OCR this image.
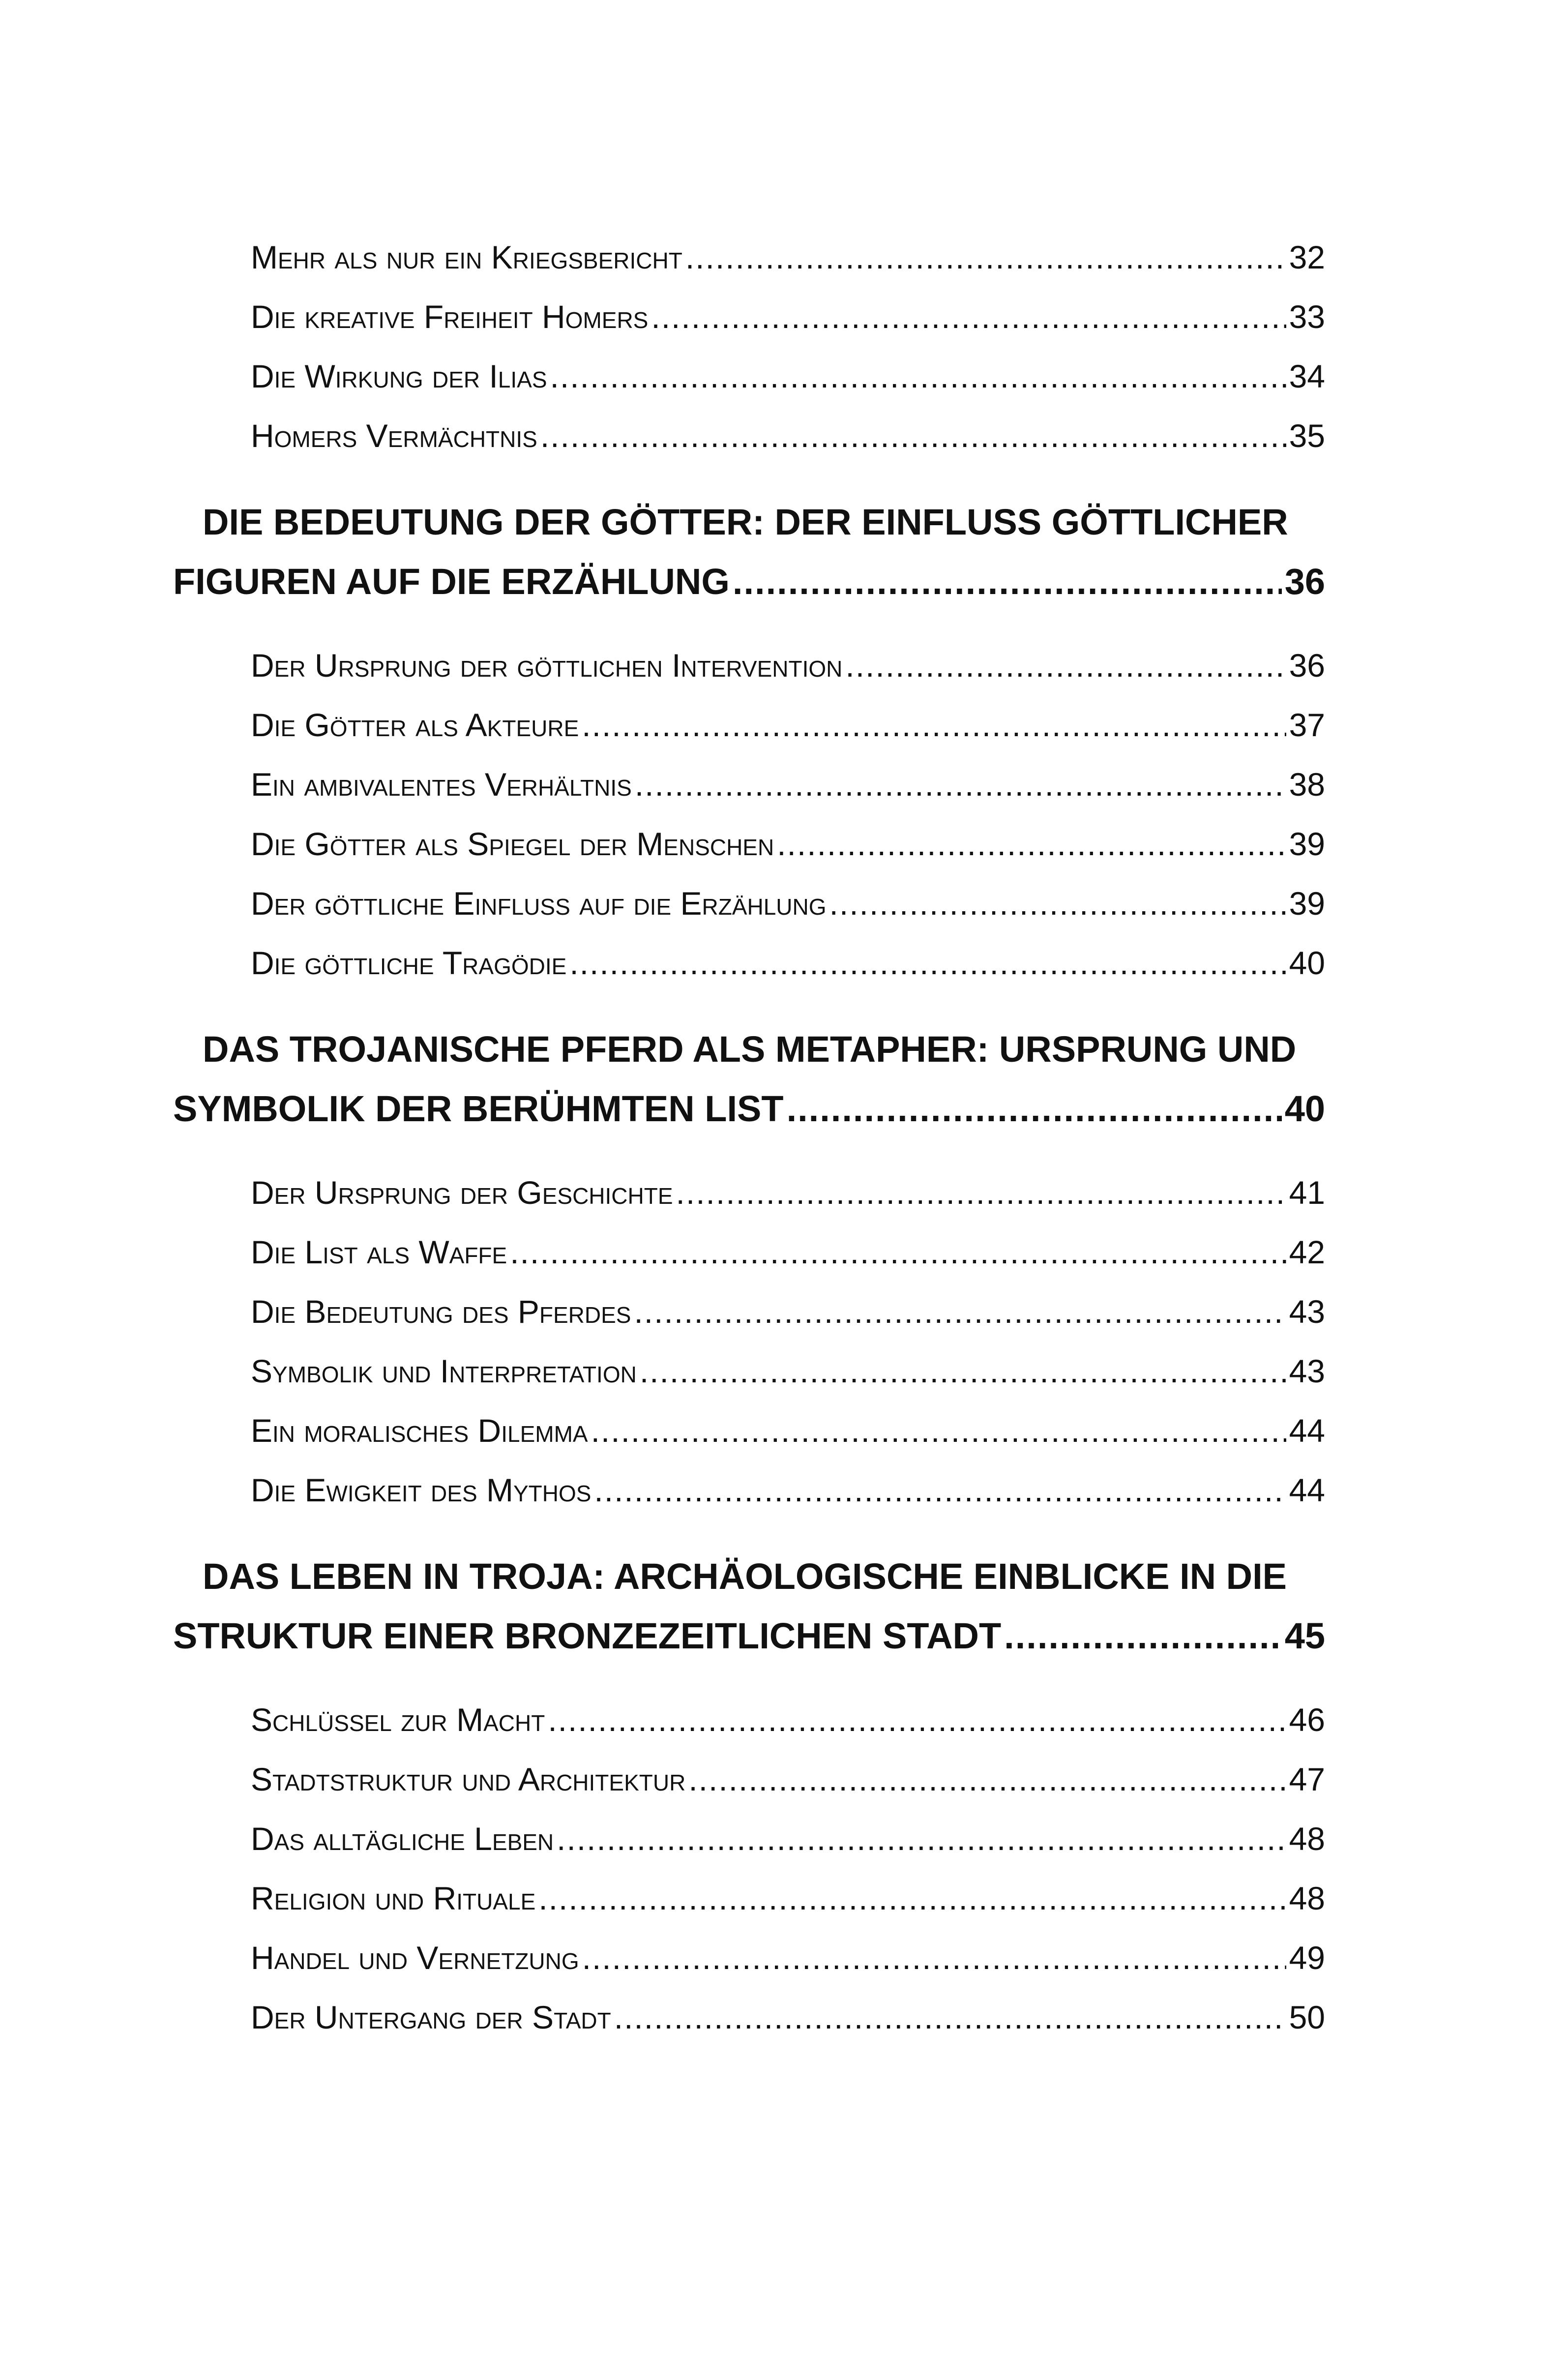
Mehr als nur ein Kriegsbericht .....	32
Die kreative Freiheit Homers .....	33
Die Wirkung der Ilias .....	34
Homers Vermächtnis .....	35
DIE BEDEUTUNG DER GÖTTER: DER EINFLUSS GÖTTLICHER
FIGUREN AUF DIE ERZÄHLUNG .....	36
Der Ursprung der göttlichen Intervention .....	36
Die Götter als Akteure .....	37
Ein ambivalentes Verhältnis .....	38
Die Götter als Spiegel der Menschen .....	39
Der göttliche Einfluss auf die Erzählung .....	39
Die göttliche Tragödie .....	40
DAS TROJANISCHE PFERD ALS METAPHER: URSPRUNG UND
SYMBOLIK DER BERÜHMTEN LIST .....	40
Der Ursprung der Geschichte .....	41
Die List als Waffe .....	42
Die Bedeutung des Pferdes .....	43
Symbolik und Interpretation .....	43
Ein moralisches Dilemma .....	44
Die Ewigkeit des Mythos .....	44
DAS LEBEN IN TROJA: ARCHÄOLOGISCHE EINBLICKE IN DIE
STRUKTUR EINER BRONZEZEITLICHEN STADT .....	45
Schlüssel zur Macht .....	46
Stadtstruktur und Architektur .....	47
Das alltägliche Leben .....	48
Religion und Rituale .....	48
Handel und Vernetzung .....	49
Der Untergang der Stadt .....	50
